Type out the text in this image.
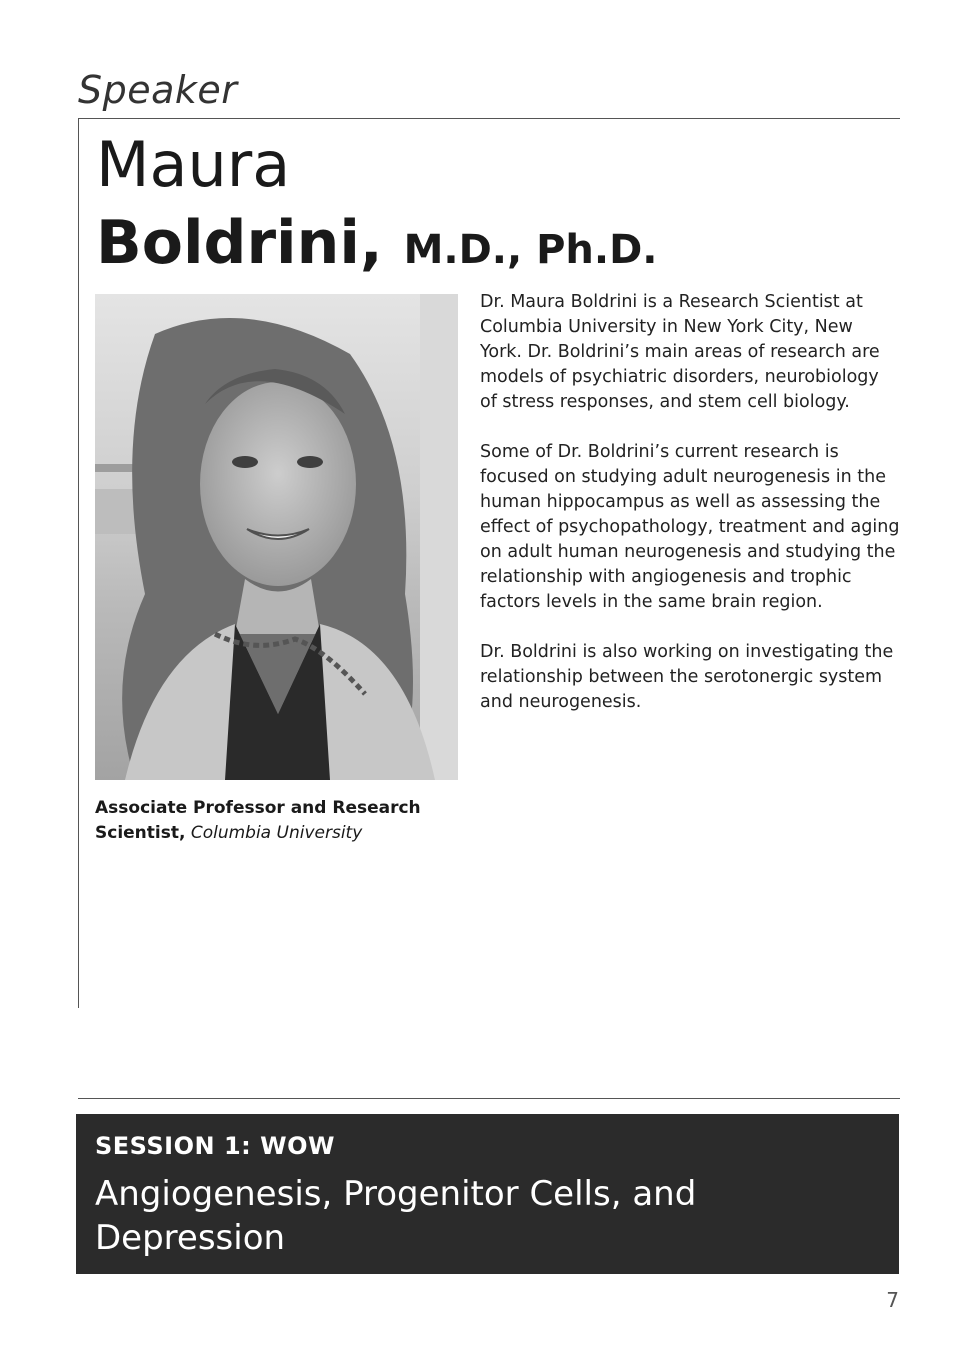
Speaker
Maura
Boldrini, M.D., Ph.D.
Associate Professor and Research Scientist, Columbia University

Dr. Maura Boldrini is a Research Scientist at Columbia University in New York City, New York. Dr. Boldrini’s main areas of research are models of psychiatric disorders, neurobiology of stress responses, and stem cell biology.

Some of Dr. Boldrini’s current research is focused on studying adult neurogenesis in the human hippocampus as well as assessing the effect of psychopathology, treatment and aging on adult human neurogenesis and studying the relationship with angiogenesis and trophic factors levels in the same brain region.

Dr. Boldrini is also working on investigating the relationship between the serotonergic system and neurogenesis.

SESSION 1: WOW
Angiogenesis, Progenitor Cells, and Depression
7
